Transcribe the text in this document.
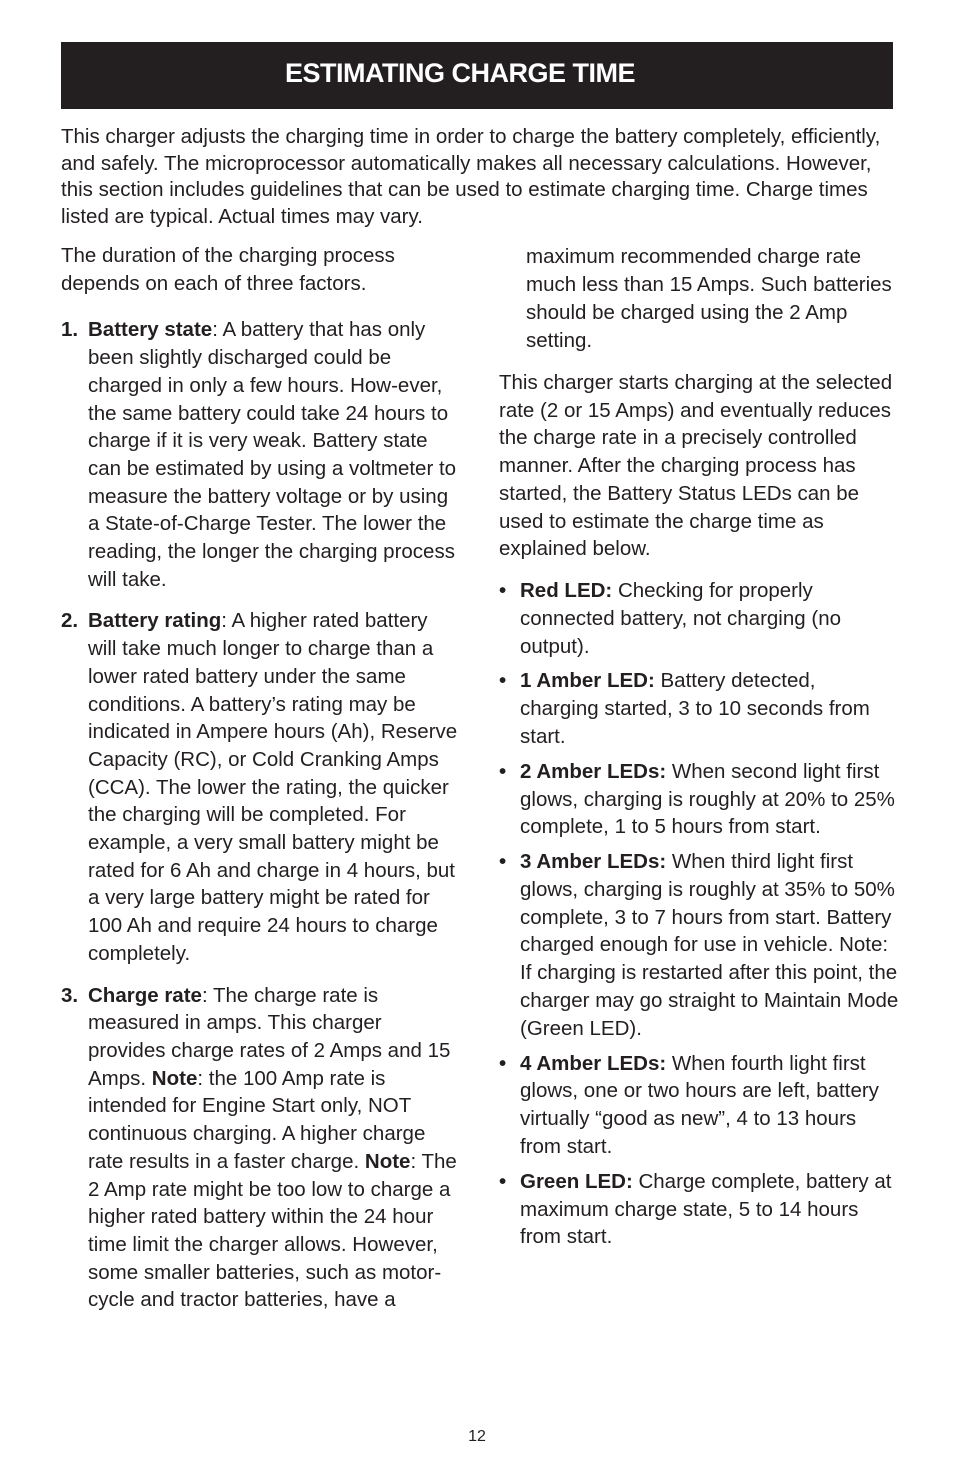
ESTIMATING CHARGE TIME

This charger adjusts the charging time in order to charge the battery completely, efficiently, and safely. The microprocessor automatically makes all necessary calculations. However, this section includes guidelines that can be used to estimate charging time. Charge times listed are typical. Actual times may vary.

The duration of the charging process depends on each of three factors.

1. Battery state: A battery that has only been slightly discharged could be charged in only a few hours. How-ever, the same battery could take 24 hours to charge if it is very weak. Battery state can be estimated by using a voltmeter to measure the battery voltage or by using a State-of-Charge Tester. The lower the reading, the longer the charging process will take.
2. Battery rating: A higher rated battery will take much longer to charge than a lower rated battery under the same conditions. A battery’s rating may be indicated in Ampere hours (Ah), Reserve Capacity (RC), or Cold Cranking Amps (CCA). The lower the rating, the quicker the charging will be completed. For example, a very small battery might be rated for 6 Ah and charge in 4 hours, but a very large battery might be rated for 100 Ah and require 24 hours to charge completely.
3. Charge rate: The charge rate is measured in amps. This charger provides charge rates of 2 Amps and 15 Amps. Note: the 100 Amp rate is intended for Engine Start only, NOT continuous charging. A higher charge rate results in a faster charge. Note: The 2 Amp rate might be too low to charge a higher rated battery within the 24 hour time limit the charger allows. However, some smaller batteries, such as motor-cycle and tractor batteries, have a

maximum recommended charge rate much less than 15 Amps. Such batteries should be charged using the 2 Amp setting.

This charger starts charging at the selected rate (2 or 15 Amps) and eventually reduces the charge rate in a precisely controlled manner. After the charging process has started, the Battery Status LEDs can be used to estimate the charge time as explained below.

• Red LED: Checking for properly connected battery, not charging (no output).
• 1 Amber LED: Battery detected, charging started, 3 to 10 seconds from start.
• 2 Amber LEDs: When second light first glows, charging is roughly at 20% to 25% complete, 1 to 5 hours from start.
• 3 Amber LEDs: When third light first glows, charging is roughly at 35% to 50% complete, 3 to 7 hours from start. Battery charged enough for use in vehicle. Note: If charging is restarted after this point, the charger may go straight to Maintain Mode (Green LED).
• 4 Amber LEDs: When fourth light first glows, one or two hours are left, battery virtually “good as new”, 4 to 13 hours from start.
• Green LED: Charge complete, battery at maximum charge state, 5 to 14 hours from start.
12
